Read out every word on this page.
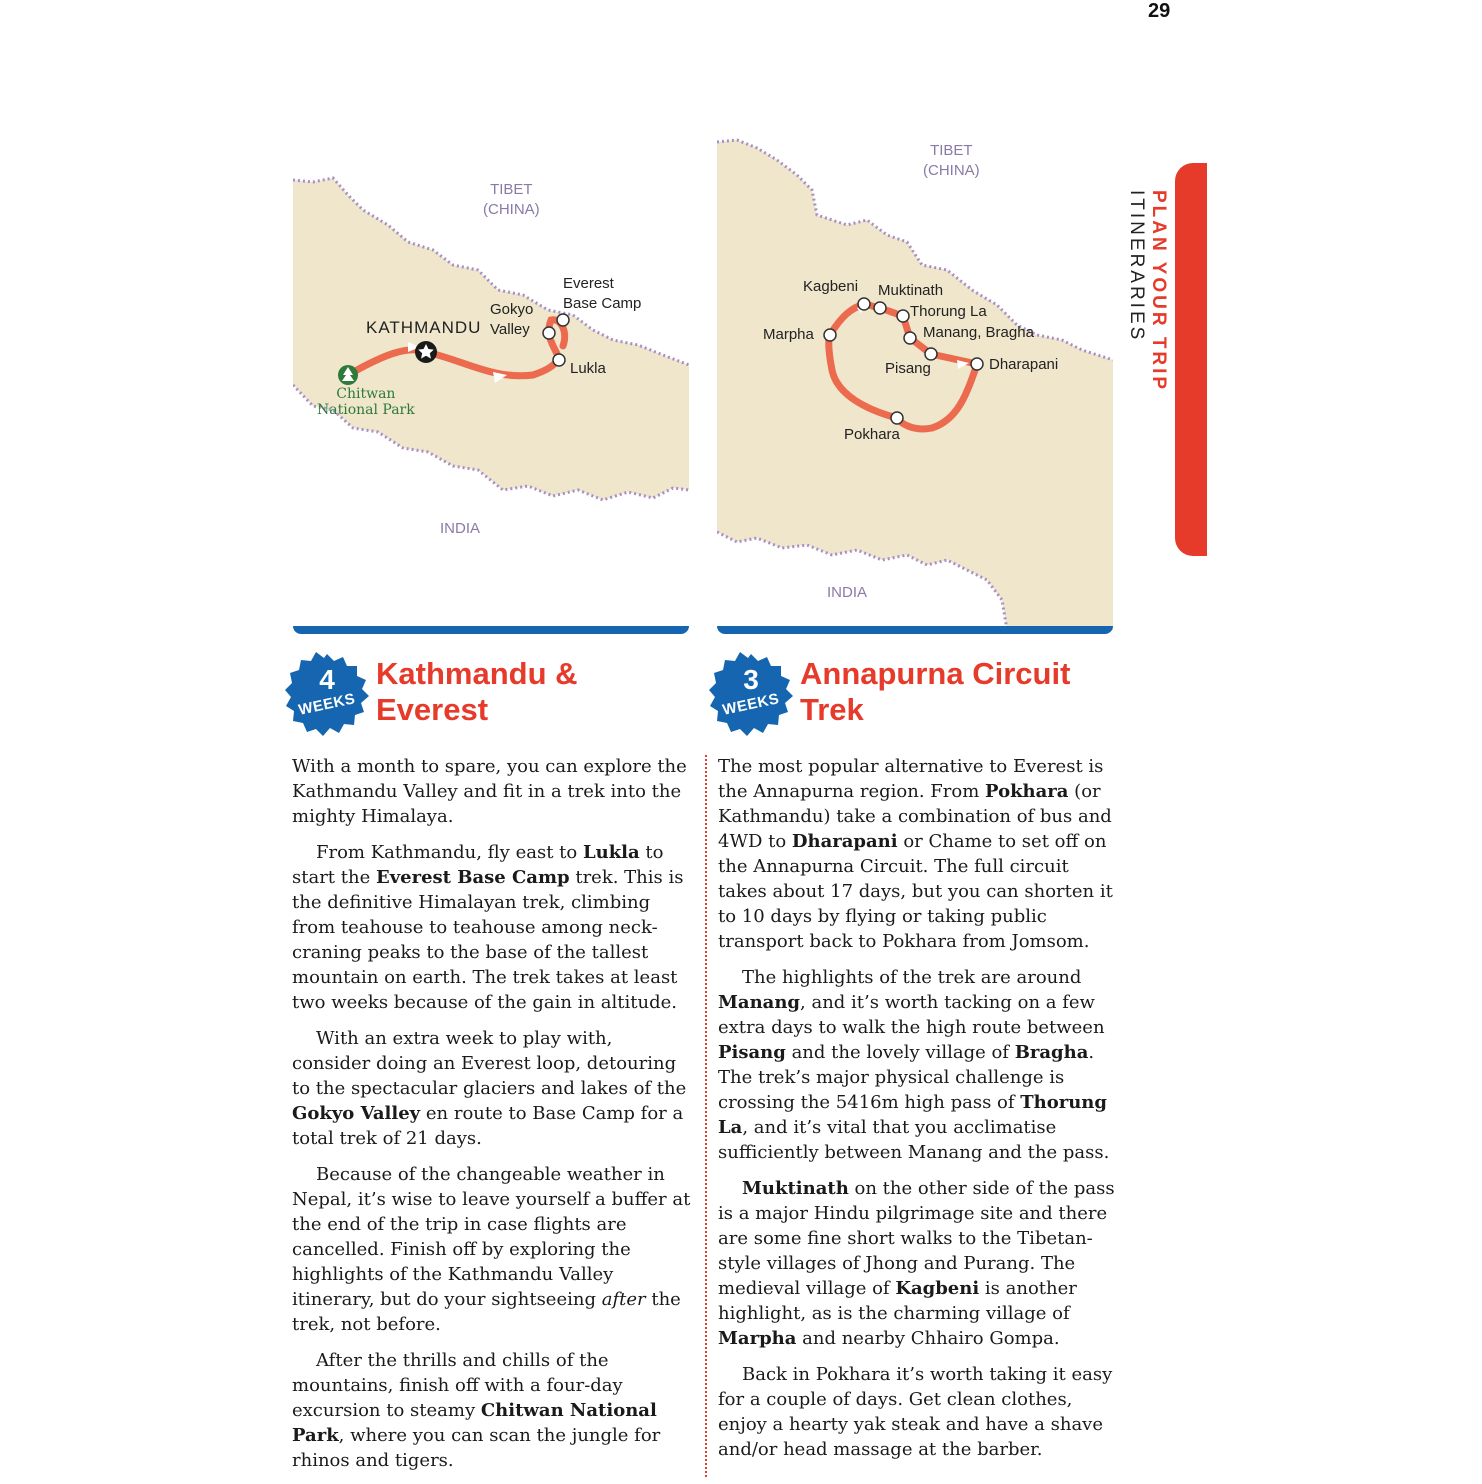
29
PLAN YOUR TRIP ITINERARIES
TIBET
(CHINA)
INDIA
KATHMANDU
Everest
Base Camp
Gokyo
Valley
Lukla
Chitwan
National Park
TIBET
(CHINA)
INDIA
Kagbeni Muktinath
Thorung La
Manang, Bragha
Marpha
Pisang	Dharapani
Pokhara
4
WEEKS
Kathmandu &
Everest
3
WEEKS
Annapurna Circuit
Trek

With a month to spare, you can explore the Kathmandu Valley and fit in a trek into the mighty Himalaya.

From Kathmandu, fly east to Lukla to start the Everest Base Camp trek. This is the definitive Himalayan trek, climbing from teahouse to teahouse among neck-craning peaks to the base of the tallest mountain on earth. The trek takes at least two weeks because of the gain in altitude.

With an extra week to play with, consider doing an Everest loop, detouring to the spectacular glaciers and lakes of the Gokyo Valley en route to Base Camp for a total trek of 21 days.

Because of the changeable weather in Nepal, it’s wise to leave yourself a buffer at the end of the trip in case flights are cancelled. Finish off by exploring the highlights of the Kathmandu Valley itinerary, but do your sightseeing after the trek, not before.

After the thrills and chills of the mountains, finish off with a four-day excursion to steamy Chitwan National Park, where you can scan the jungle for rhinos and tigers.

The most popular alternative to Everest is the Annapurna region. From Pokhara (or Kathmandu) take a combination of bus and 4WD to Dharapani or Chame to set off on the Annapurna Circuit. The full circuit takes about 17 days, but you can shorten it to 10 days by flying or taking public transport back to Pokhara from Jomsom.

The highlights of the trek are around Manang, and it’s worth tacking on a few extra days to walk the high route between Pisang and the lovely village of Bragha. The trek’s major physical challenge is crossing the 5416m high pass of Thorung La, and it’s vital that you acclimatise sufficiently between Manang and the pass.

Muktinath on the other side of the pass is a major Hindu pilgrimage site and there are some fine short walks to the Tibetan-style villages of Jhong and Purang. The medieval village of Kagbeni is another highlight, as is the charming village of Marpha and nearby Chhairo Gompa.

Back in Pokhara it’s worth taking it easy for a couple of days. Get clean clothes, enjoy a hearty yak steak and have a shave and/or head massage at the barber.
